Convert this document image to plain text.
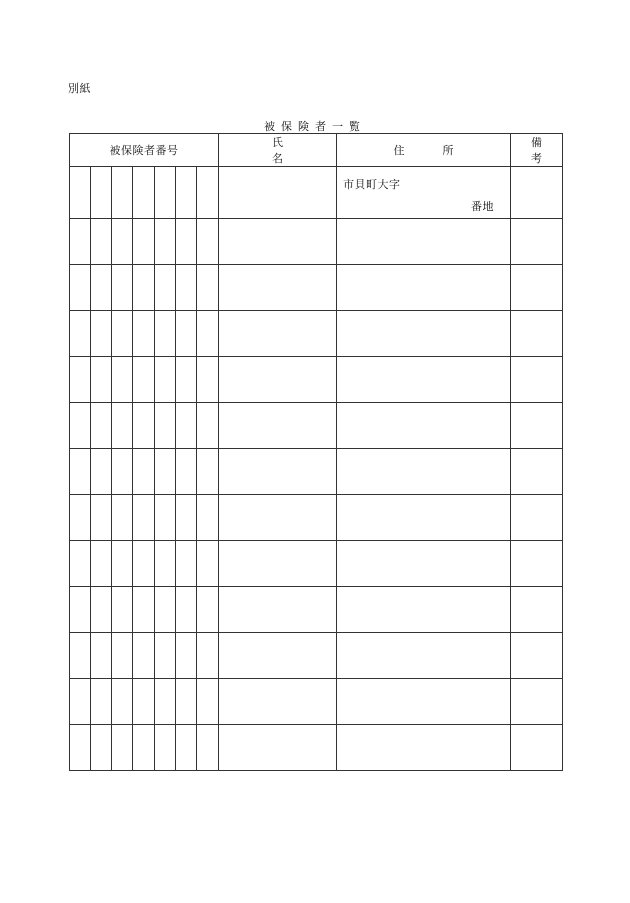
別紙
被保険者一覧
被保険者番号							氏名	住所	備考

								市貝町大字
番地	
